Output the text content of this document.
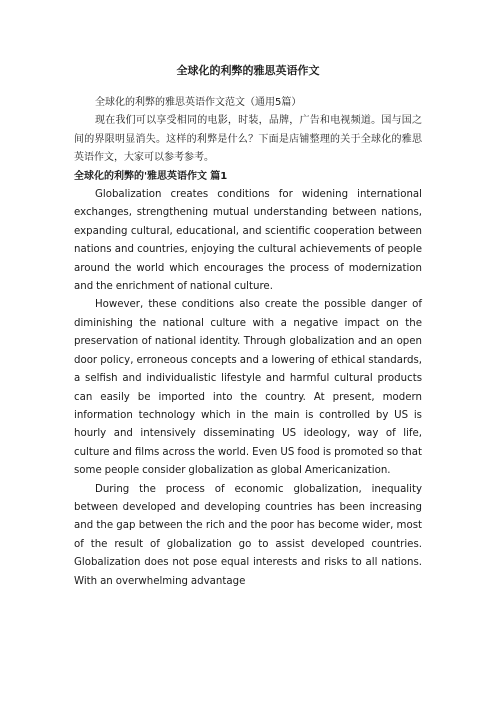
全球化的利弊的雅思英语作文

全球化的利弊的雅思英语作文范文（通用5篇）

现在我们可以享受相同的电影，时装，品牌，广告和电视频道。国与国之间的界限明显消失。这样的利弊是什么？下面是店铺整理的关于全球化的雅思英语作文，大家可以参考参考。

全球化的利弊的'雅思英语作文 篇1

Globalization creates conditions for widening international exchanges, strengthening mutual understanding between nations, expanding cultural, educational, and scientific cooperation between nations and countries, enjoying the cultural achievements of people around the world which encourages the process of modernization and the enrichment of national culture.

However, these conditions also create the possible danger of diminishing the national culture with a negative impact on the preservation of national identity. Through globalization and an open door policy, erroneous concepts and a lowering of ethical standards, a selfish and individualistic lifestyle and harmful cultural products can easily be imported into the country. At present, modern information technology which in the main is controlled by US is hourly and intensively disseminating US ideology, way of life, culture and films across the world. Even US food is promoted so that some people consider globalization as global Americanization.

During the process of economic globalization, inequality between developed and developing countries has been increasing and the gap between the rich and the poor has become wider, most of the result of globalization go to assist developed countries. Globalization does not pose equal interests and risks to all nations. With an overwhelming advantage
